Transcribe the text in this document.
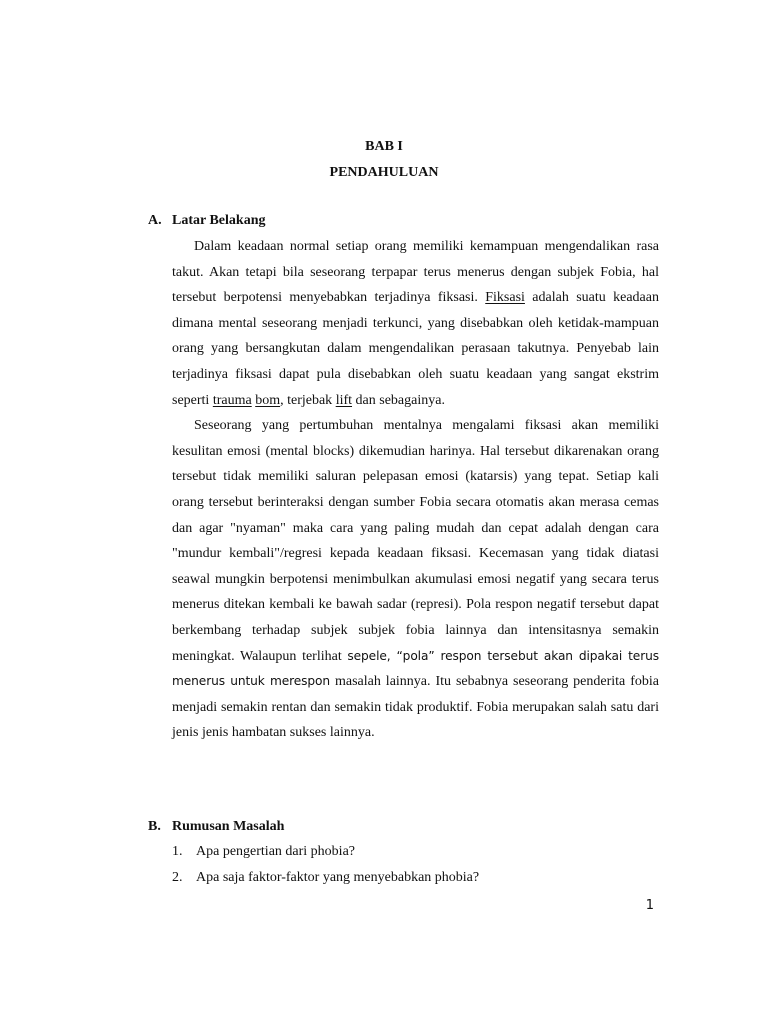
BAB I
PENDAHULUAN
A. Latar Belakang

Dalam keadaan normal setiap orang memiliki kemampuan mengendalikan rasa takut. Akan tetapi bila seseorang terpapar terus menerus dengan subjek Fobia, hal tersebut berpotensi menyebabkan terjadinya fiksasi. Fiksasi adalah suatu keadaan dimana mental seseorang menjadi terkunci, yang disebabkan oleh ketidak-mampuan orang yang bersangkutan dalam mengendalikan perasaan takutnya. Penyebab lain terjadinya fiksasi dapat pula disebabkan oleh suatu keadaan yang sangat ekstrim seperti trauma bom, terjebak lift dan sebagainya.

Seseorang yang pertumbuhan mentalnya mengalami fiksasi akan memiliki kesulitan emosi (mental blocks) dikemudian harinya. Hal tersebut dikarenakan orang tersebut tidak memiliki saluran pelepasan emosi (katarsis) yang tepat. Setiap kali orang tersebut berinteraksi dengan sumber Fobia secara otomatis akan merasa cemas dan agar "nyaman" maka cara yang paling mudah dan cepat adalah dengan cara "mundur kembali"/regresi kepada keadaan fiksasi. Kecemasan yang tidak diatasi seawal mungkin berpotensi menimbulkan akumulasi emosi negatif yang secara terus menerus ditekan kembali ke bawah sadar (represi). Pola respon negatif tersebut dapat berkembang terhadap subjek subjek fobia lainnya dan intensitasnya semakin meningkat. Walaupun terlihat sepele, “pola” respon tersebut akan dipakai terus menerus untuk merespon masalah lainnya. Itu sebabnya seseorang penderita fobia menjadi semakin rentan dan semakin tidak produktif. Fobia merupakan salah satu dari jenis jenis hambatan sukses lainnya.

B. Rumusan Masalah
1. Apa pengertian dari phobia?
2. Apa saja faktor-faktor yang menyebabkan phobia?
1
